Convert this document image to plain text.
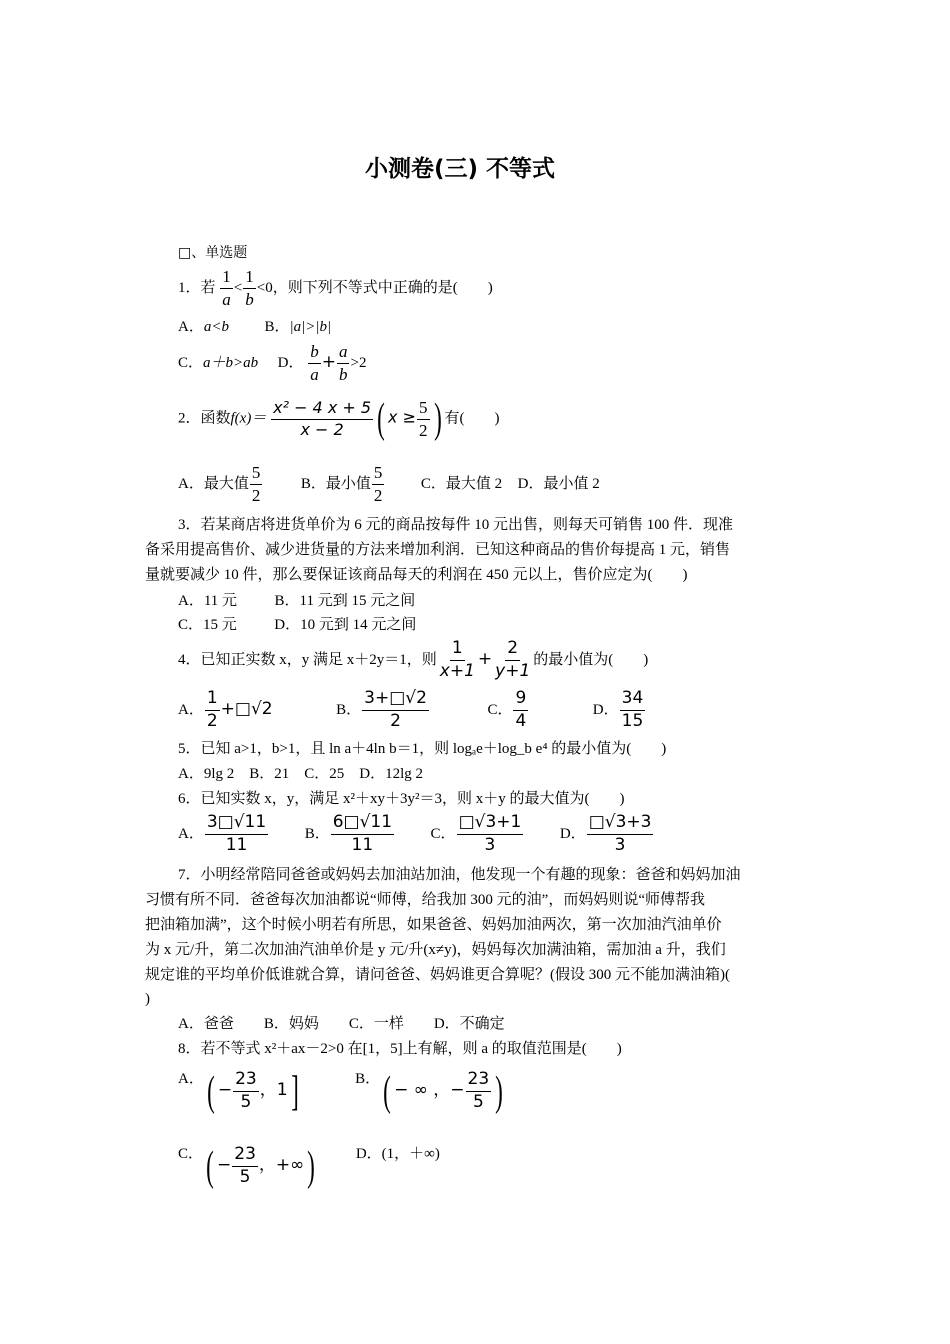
小测卷(三) 不等式
□、单选题
1．若 $\frac{1}{a} < \frac{1}{b} <0$，则下列不等式中正确的是(　　)
A．a<b B．|a|>|b|
C．a＋b>ab D． $\frac{b}{a} + \frac{a}{b} >2$
2．函数$f(x)= \frac{\text{x² − 4 x + 5}}{x - 2}$ ( $x \ge \frac{5}{2}$ ) 有(　　)
A．最大值 $\frac{5}{2}$	B．最小值 $\frac{5}{2}$ C．最大值 2 D．最小值 2
3．若某商店将进货单价为 6 元的商品按每件 10 元出售，则每天可销售 100 件．现准
备采用提高售价、减少进货量的方法来增加利润．已知这种商品的售价每提高 1 元，销售
量就要减少 10 件，那么要保证该商品每天的利润在 450 元以上，售价应定为(　　)
A．11 元	B．11 元到 15 元之间
C．15 元	D．10 元到 14 元之间
4．已知正实数 x，y 满足 x＋2y＝1，则 $\frac{1}{x+1} + \frac{2}{y+1}$ 的最小值为(　　)
A． $\frac{1}{2}$ +□√2	B． $\frac{3+□√2}{2}$	C． $\frac{9}{4}$	D． $\frac{34}{15}$
5．已知 a>1，b>1，且 ln a＋4ln b＝1，则 logₐe＋log_b e⁴ 的最小值为(　　)
A．9lg 2　B．21　C．25　D．12lg 2
6．已知实数 x，y，满足 x²＋xy＋3y²＝3，则 x＋y 的最大值为(　　)
A． $\frac{3□√11}{11}$ B． $\frac{6□√11}{11}$ C． $\frac{□√3+1}{3}$ D． $\frac{□√3+3}{3}$
7．小明经常陪同爸爸或妈妈去加油站加油，他发现一个有趣的现象：爸爸和妈妈加油
习惯有所不同．爸爸每次加油都说“师傅，给我加 300 元的油”，而妈妈则说“师傅帮我
把油箱加满”，这个时候小明若有所思，如果爸爸、妈妈加油两次，第一次加油汽油单价
为 x 元/升，第二次加油汽油单价是 y 元/升(x≠y)，妈妈每次加满油箱，需加油 a 升，我们
规定谁的平均单价低谁就合算，请问爸爸、妈妈谁更合算呢？(假设 300 元不能加满油箱)(
)
A．爸爸　　B．妈妈　　C．一样　　D．不确定
8．若不等式 x²＋ax－2>0 在[1，5]上有解，则 a 的取值范围是(　　)
A．( − $\frac{23}{5}$ ，1]	B．( − ∞ ，− $\frac{23}{5}$ )
C．( − $\frac{23}{5}$ ，+∞)	D．(1，＋∞)
